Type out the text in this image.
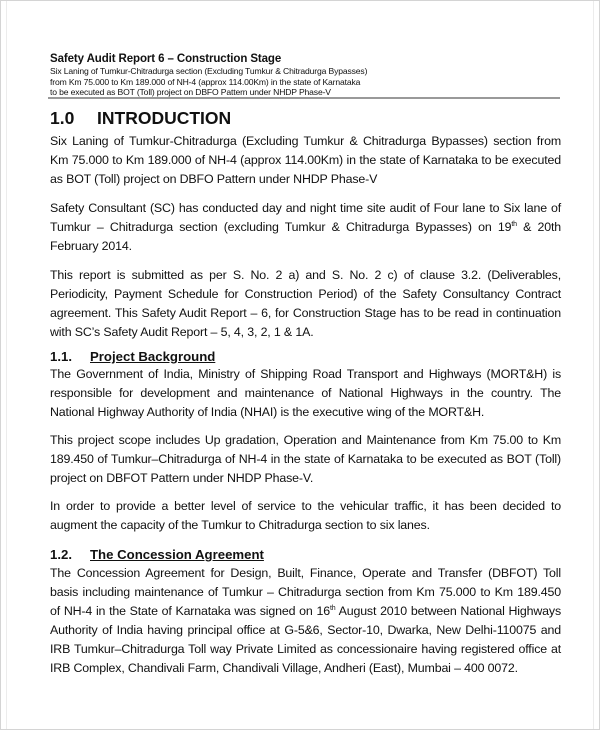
Safety Audit Report 6 – Construction Stage
Six Laning of Tumkur-Chitradurga section (Excluding Tumkur & Chitradurga Bypasses)
from Km 75.000 to Km 189.000 of NH-4 (approx 114.00Km) in the state of Karnataka
to be executed as BOT (Toll) project on DBFO Pattern under NHDP Phase-V
1.0	INTRODUCTION
Six Laning of Tumkur-Chitradurga (Excluding Tumkur & Chitradurga Bypasses) section from Km 75.000 to Km 189.000 of NH-4 (approx 114.00Km) in the state of Karnataka to be executed as BOT (Toll) project on DBFO Pattern under NHDP Phase-V
Safety Consultant (SC) has conducted day and night time site audit of Four lane to Six lane of Tumkur – Chitradurga section (excluding Tumkur & Chitradurga Bypasses) on 19th & 20th February 2014.
This report is submitted as per S. No. 2 a) and S. No. 2 c) of clause 3.2. (Deliverables, Periodicity, Payment Schedule for Construction Period) of the Safety Consultancy Contract agreement. This Safety Audit Report – 6, for Construction Stage has to be read in continuation with SC’s Safety Audit Report – 5, 4, 3, 2, 1 & 1A.
1.1.	Project Background
The Government of India, Ministry of Shipping Road Transport and Highways (MORT&H) is responsible for development and maintenance of National Highways in the country. The National Highway Authority of India (NHAI) is the executive wing of the MORT&H.
This project scope includes Up gradation, Operation and Maintenance from Km 75.00 to Km 189.450 of Tumkur–Chitradurga of NH-4 in the state of Karnataka to be executed as BOT (Toll) project on DBFOT Pattern under NHDP Phase-V.
In order to provide a better level of service to the vehicular traffic, it has been decided to augment the capacity of the Tumkur to Chitradurga section to six lanes.
1.2.	The Concession Agreement
The Concession Agreement for Design, Built, Finance, Operate and Transfer (DBFOT) Toll basis including maintenance of Tumkur – Chitradurga section from Km 75.000 to Km 189.450 of NH-4 in the State of Karnataka was signed on 16th August 2010 between National Highways Authority of India having principal office at G-5&6, Sector-10, Dwarka, New Delhi-110075 and IRB Tumkur–Chitradurga Toll way Private Limited as concessionaire having registered office at IRB Complex, Chandivali Farm, Chandivali Village, Andheri (East), Mumbai – 400 0072.
